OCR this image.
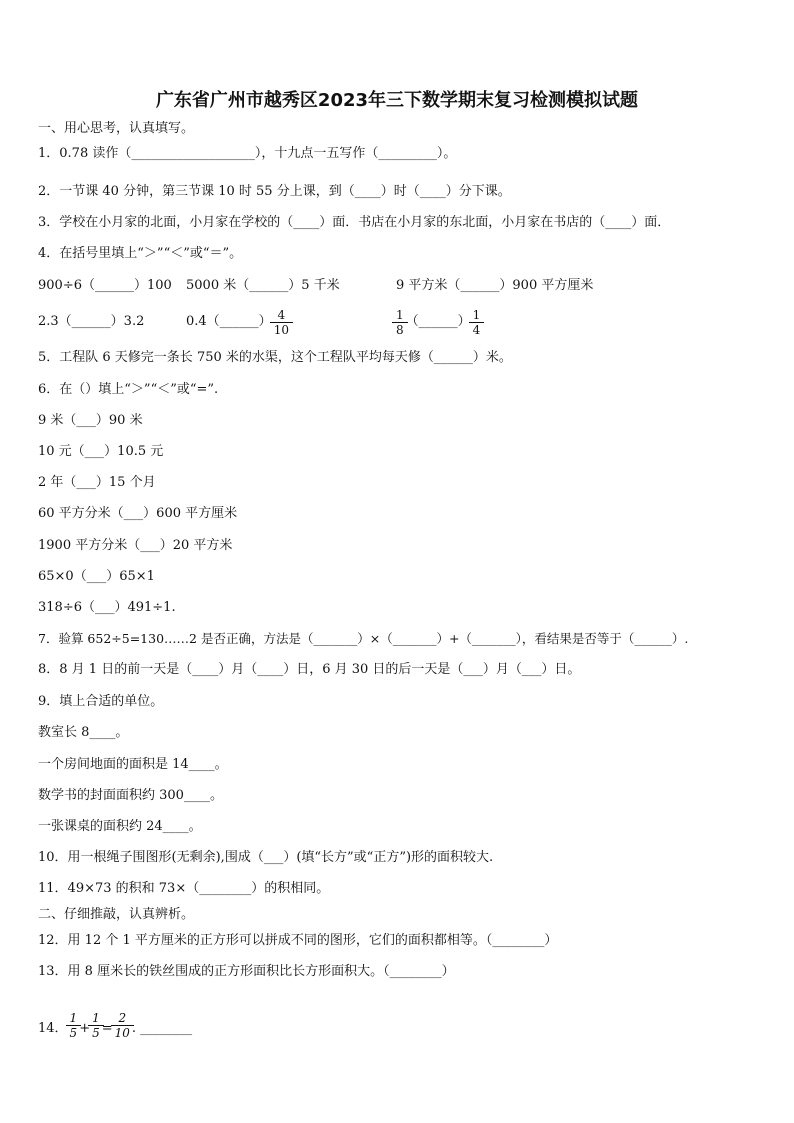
广东省广州市越秀区2023年三下数学期末复习检测模拟试题
一、用心思考，认真填写。
1．0.78 读作（___________________），十九点一五写作（_________）。
2．一节课 40 分钟，第三节课 10 时 55 分上课，到（____）时（____）分下课。
3．学校在小月家的北面，小月家在学校的（____）面．书店在小月家的东北面，小月家在书店的（____）面．
4．在括号里填上“＞”“＜”或“＝”。
900÷6（______）100 5000 米（______）5 千米	9 平方米（______）900 平方厘米
2.3（______）3.2	0.4（______） $\frac{4}{10}$	$\frac{1}{8}$ （______） $\frac{1}{4}$
5．工程队 6 天修完一条长 750 米的水渠，这个工程队平均每天修（______）米。
6．在（）填上“＞”“＜”或“=”.
9 米（___）90 米
10 元（___）10.5 元
2 年（___）15 个月
60 平方分米（___）600 平方厘米
1900 平方分米（___）20 平方米
65×0（___）65×1
318÷6（___）491÷1.
7．验算 652÷5=130……2 是否正确，方法是（_______）×（_______）+（_______），看结果是否等于（______）.
8．8 月 1 日的前一天是（____）月（____）日，6 月 30 日的后一天是（___）月（___）日。
9．填上合适的单位。
教室长 8____。
一个房间地面的面积是 14____。
数学书的封面面积约 300____。
一张课桌的面积约 24____。
10．用一根绳子围图形(无剩余),围成（___）(填“长方”或“正方”)形的面积较大.
11．49×73 的积和 73×（________）的积相同。
二、仔细推敲，认真辨析。
12．用 12 个 1 平方厘米的正方形可以拼成不同的图形，它们的面积都相等。（________）
13．用 8 厘米长的铁丝围成的正方形面积比长方形面积大。（________）
14． $\frac{1}{5} + \frac{1}{5} = \frac{2}{10}$ . ________
